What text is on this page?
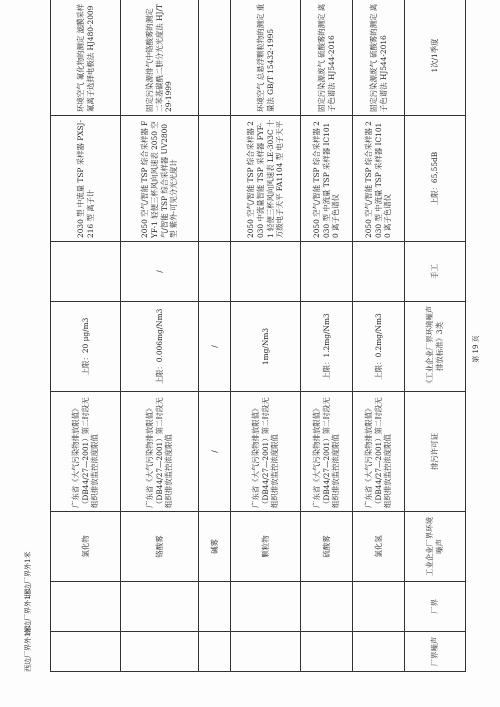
		氯化物	广东省《大气污染物排放限值》（DB44/27—2001）第二时段无组织排放监控浓度限值	上限：20 μg/m3		2030 型 中流量 TSP 采样器 PXSJ-216 型 离子计	环境空气 氟化物的测定 滤膜采样氟离子选择电极法 HJ480-2009
		铬酸雾	广东省《大气污染物排放限值》（DB44/27—2001）第二时段无组织排放监控浓度限值	上限：0.006mg/Nm3	/	2050 空气/智能 TSP 综合采样器 FYF-1 轻便三杯风向风速表 2050 空气/智能 TSP 综合采样器 UV2800 型 紫外-可见分光光度计	固定污染源排气中铬酸雾的测定 二苯基碳酰二肼分光光度法 HJ/T 29-1999
		碱雾	/	/			
		颗粒物	广东省《大气污染物排放限值》（DB44/27—2001）第二时段无组织排放监控浓度限值	1mg/Nm3		2050 空气/智能 TSP 综合采样器 2030 中流量智能 TSP 采样器 FYF-1 轻便三杯风向风速表 LE-303C 十万级电子天平 FA1104 型 电子天平	环境空气 总悬浮颗粒物的测定 重量法 GB/T 15432-1995
		硫酸雾	广东省《大气污染物排放限值》（DB44/27—2001）第二时段无组织排放监控浓度限值	上限：1.2mg/Nm3		2050 空气/智能 TSP 综合采样器 2030 型 中流量 TSP 采样器 IC1010 离子色谱仪	固定污染源废气 硫酸雾的测定 离子色谱法 HJ544-2016
		氯化氢	广东省《大气污染物排放限值》（DB44/27—2001）第二时段无组织排放监控浓度限值	上限：0.2mg/Nm3		2050 空气/智能 TSP 综合采样器 2030 型 中流量 TSP 采样器 IC1010 离子色谱仪	固定污染源废气 硫酸雾的测定 离子色谱法 HJ544-2016
厂界噪声	厂界	工业企业厂界环境噪声	排污许可证	《工业企业厂界环境噪声排放标准》3类	手工	上限：65,55dB	1次/1季度
北边厂界外1米
南边厂界外1米
西边厂界外1米
第 19 页
